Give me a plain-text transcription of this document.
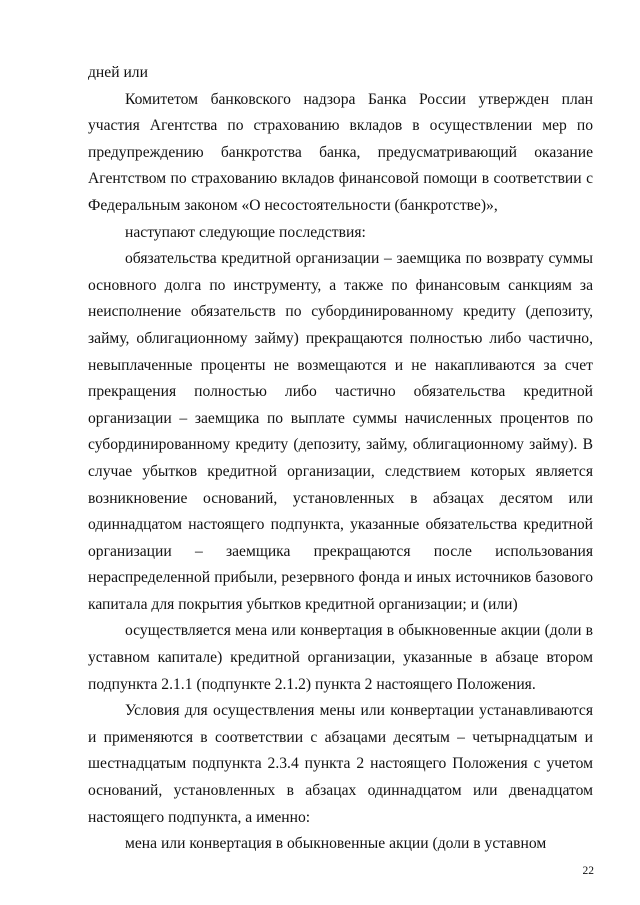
дней или

Комитетом банковского надзора Банка России утвержден план участия Агентства по страхованию вкладов в осуществлении мер по предупреждению банкротства банка, предусматривающий оказание Агентством по страхованию вкладов финансовой помощи в соответствии с Федеральным законом «О несостоятельности (банкротстве)»,

наступают следующие последствия:

обязательства кредитной организации – заемщика по возврату суммы основного долга по инструменту, а также по финансовым санкциям за неисполнение обязательств по субординированному кредиту (депозиту, займу, облигационному займу) прекращаются полностью либо частично, невыплаченные проценты не возмещаются и не накапливаются за счет прекращения полностью либо частично обязательства кредитной организации – заемщика по выплате суммы начисленных процентов по субординированному кредиту (депозиту, займу, облигационному займу). В случае убытков кредитной организации, следствием которых является возникновение оснований, установленных в абзацах десятом или одиннадцатом настоящего подпункта, указанные обязательства кредитной организации – заемщика прекращаются после использования нераспределенной прибыли, резервного фонда и иных источников базового капитала для покрытия убытков кредитной организации; и (или)

осуществляется мена или конвертация в обыкновенные акции (доли в уставном капитале) кредитной организации, указанные в абзаце втором подпункта 2.1.1 (подпункте 2.1.2) пункта 2 настоящего Положения.

Условия для осуществления мены или конвертации устанавливаются и применяются в соответствии с абзацами десятым – четырнадцатым и шестнадцатым подпункта 2.3.4 пункта 2 настоящего Положения с учетом оснований, установленных в абзацах одиннадцатом или двенадцатом настоящего подпункта, а именно:

мена или конвертация в обыкновенные акции (доли в уставном

22
